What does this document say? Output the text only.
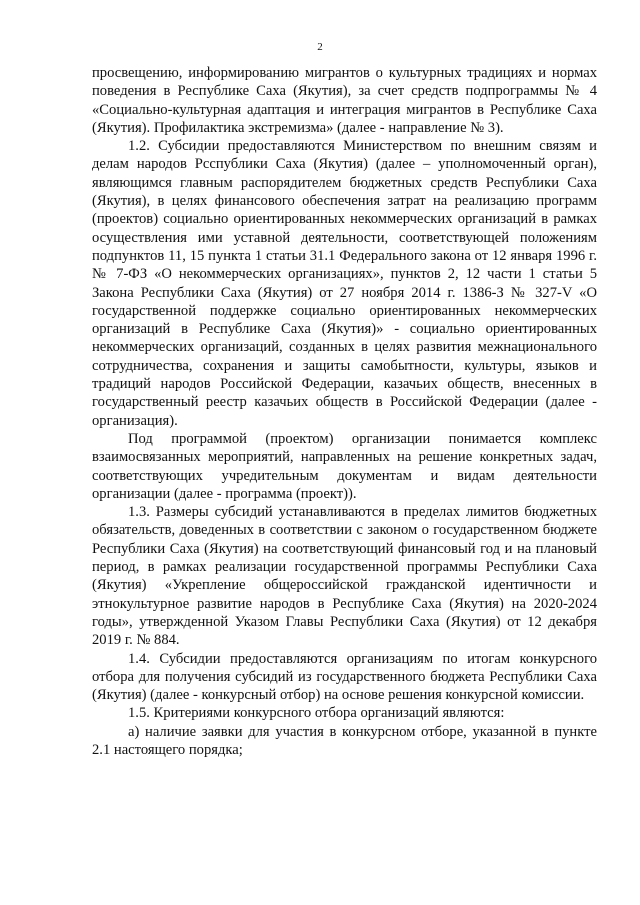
2

просвещению, информированию мигрантов о культурных традициях и нормах поведения в Республике Саха (Якутия), за счет средств подпрограммы № 4 «Социально-культурная адаптация и интеграция мигрантов в Республике Саха (Якутия). Профилактика экстремизма» (далее - направление № 3).

1.2. Субсидии предоставляются Министерством по внешним связям и делам народов Рсспублики Саха (Якутия) (далее – уполномоченный орган), являющимся главным распорядителем бюджетных средств Республики Саха (Якутия), в целях финансового обеспечения затрат на реализацию программ (проектов) социально ориентированных некоммерческих организаций в рамках осуществления ими уставной деятельности, соответствующей положениям подпунктов 11, 15 пункта 1 статьи 31.1 Федерального закона от 12 января 1996 г. № 7-ФЗ «О некоммерческих организациях», пунктов 2, 12 части 1 статьи 5 Закона Республики Саха (Якутия) от 27 ноября 2014 г. 1386-З № 327-V «О государственной поддержке социально ориентированных некоммерческих организаций в Республике Саха (Якутия)» - социально ориентированных некоммерческих организаций, созданных в целях развития межнационального сотрудничества, сохранения и защиты самобытности, культуры, языков и традиций народов Российской Федерации, казачьих обществ, внесенных в государственный реестр казачьих обществ в Российской Федерации (далее - организация).

Под программой (проектом) организации понимается комплекс взаимосвязанных мероприятий, направленных на решение конкретных задач, соответствующих учредительным документам и видам деятельности организации (далее - программа (проект)).

1.3. Размеры субсидий устанавливаются в пределах лимитов бюджетных обязательств, доведенных в соответствии с законом о государственном бюджете Республики Саха (Якутия) на соответствующий финансовый год и на плановый период, в рамках реализации государственной программы Республики Саха (Якутия) «Укрепление общероссийской гражданской идентичности и этнокультурное развитие народов в Республике Саха (Якутия) на 2020-2024 годы», утвержденной Указом Главы Республики Саха (Якутия) от 12 декабря 2019 г. № 884.

1.4. Субсидии предоставляются организациям по итогам конкурсного отбора для получения субсидий из государственного бюджета Республики Саха (Якутия) (далее - конкурсный отбор) на основе решения конкурсной комиссии.

1.5. Критериями конкурсного отбора организаций являются:

а) наличие заявки для участия в конкурсном отборе, указанной в пункте 2.1 настоящего порядка;
